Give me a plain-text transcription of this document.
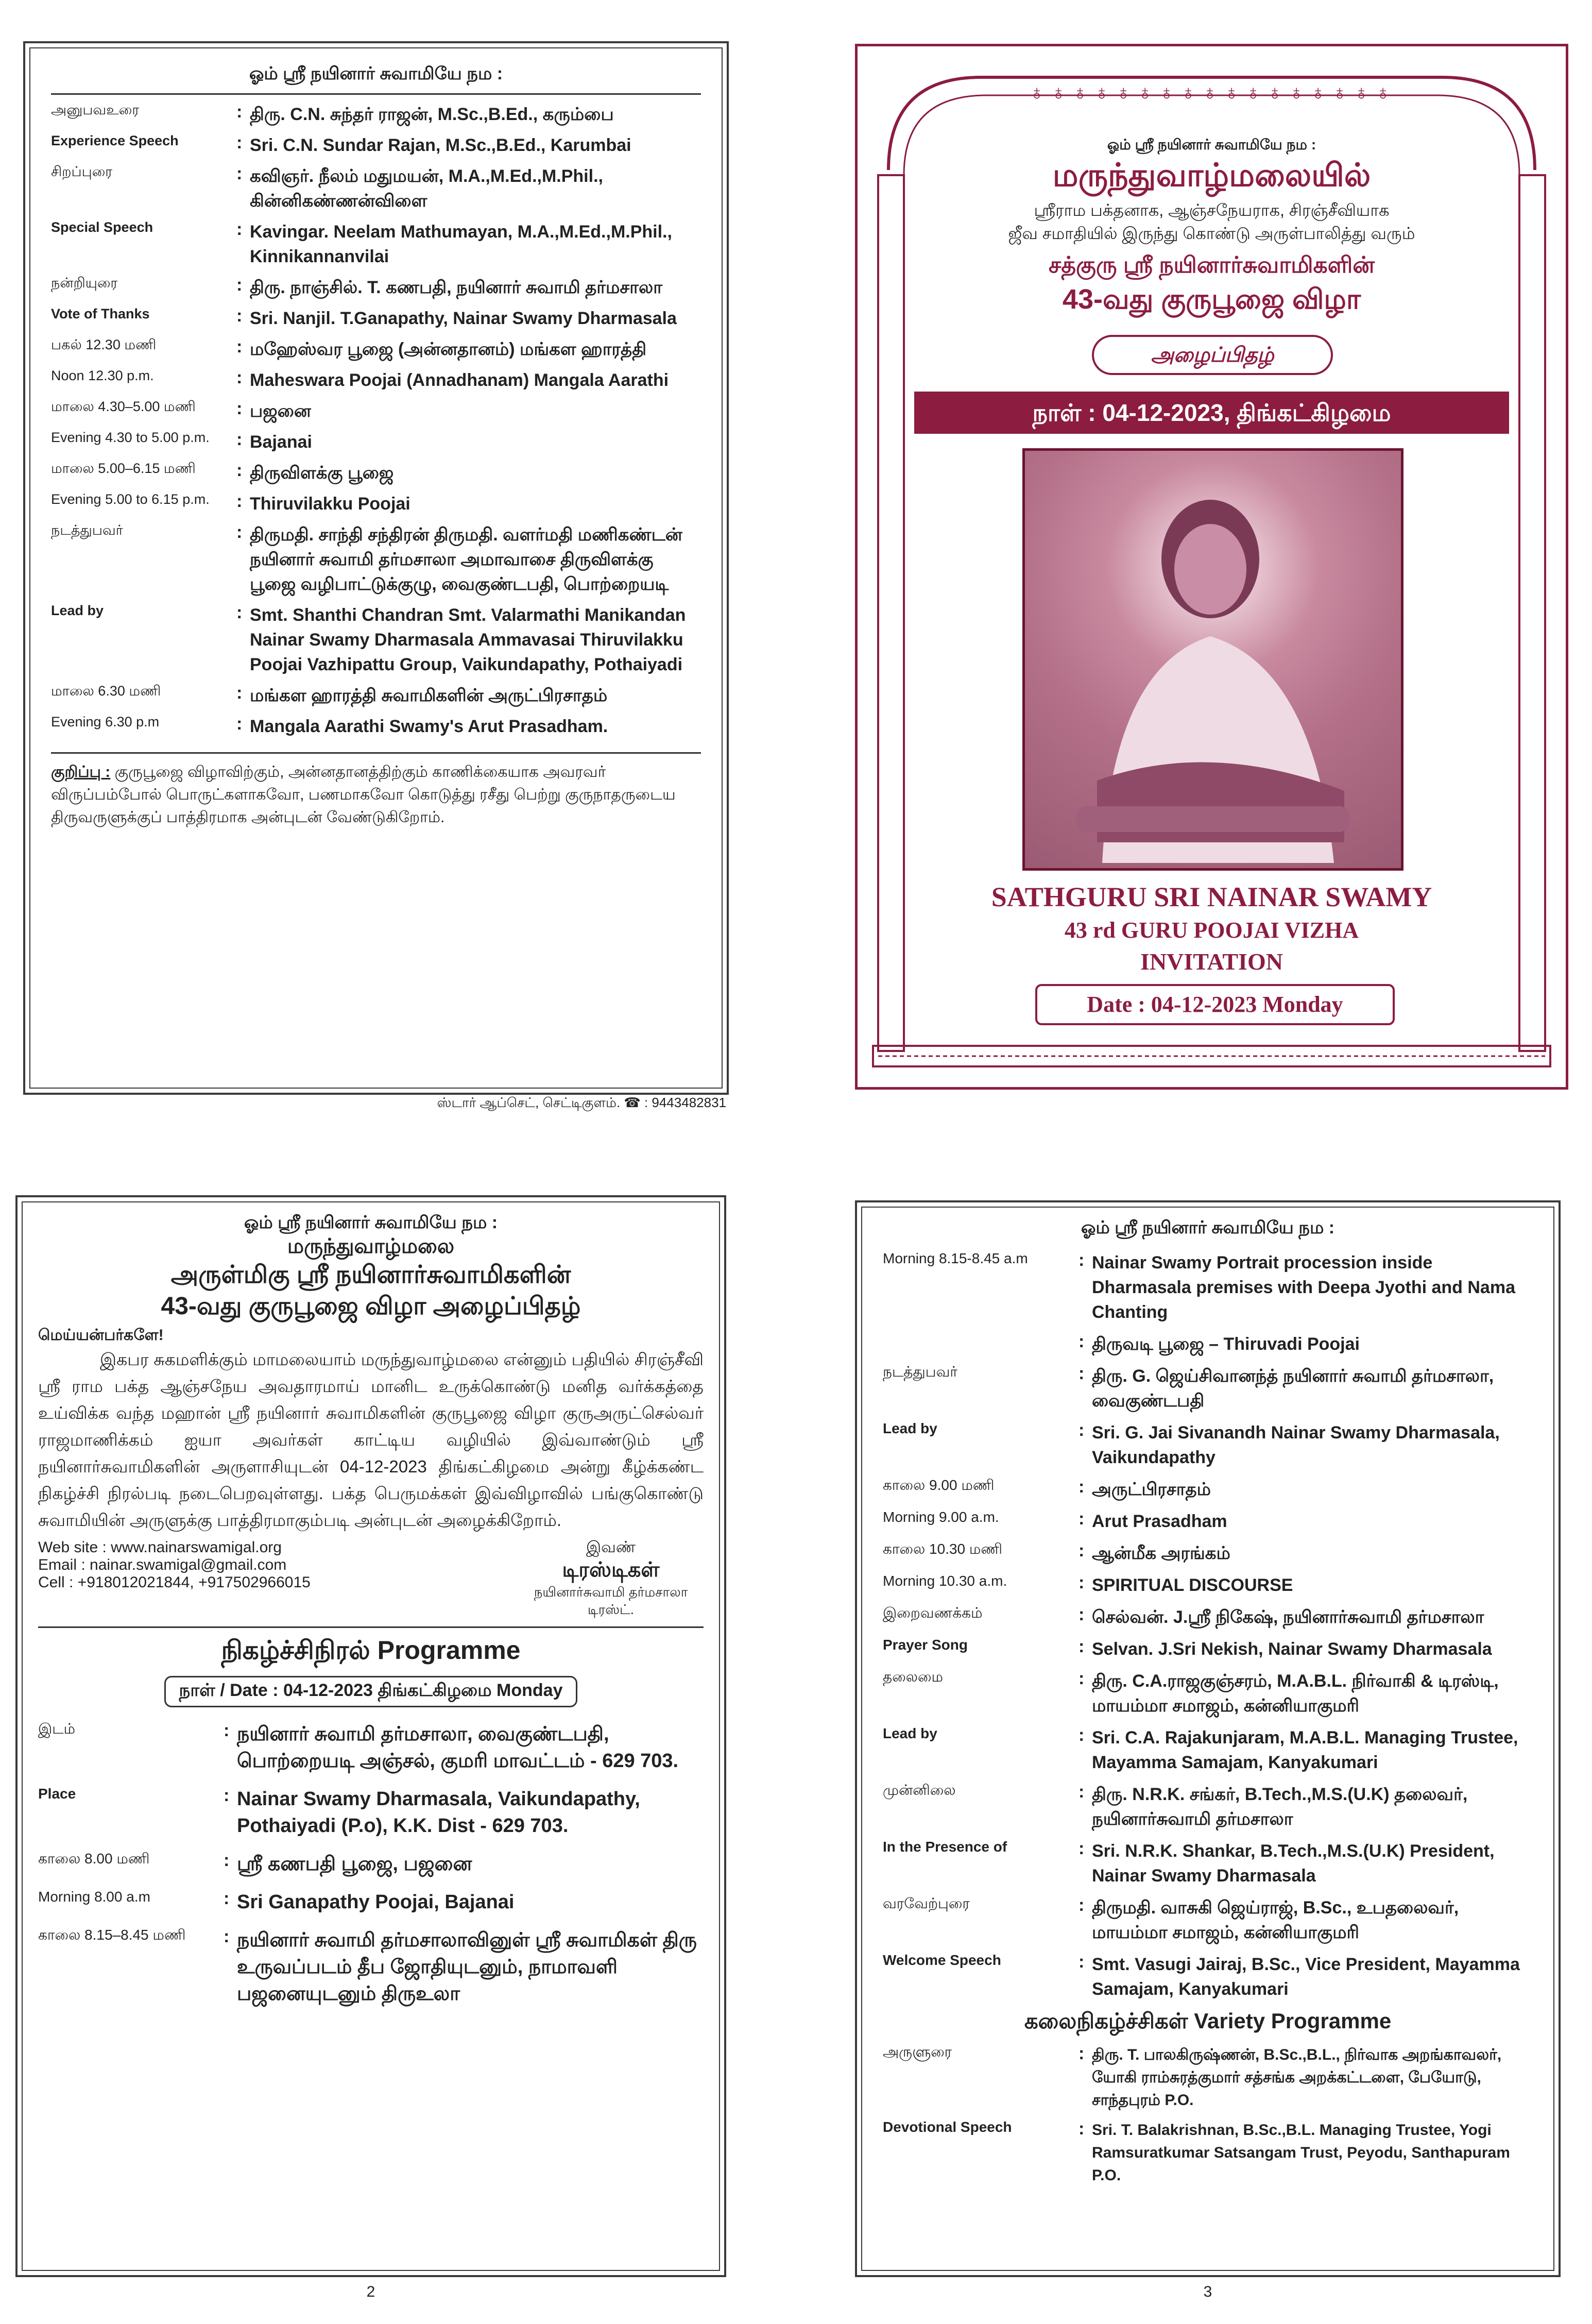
ஓம் ஸ்ரீ நயினார் சுவாமியே நம :
அனுபவஉரை	: திரு. C.N. சுந்தர் ராஜன், M.Sc.,B.Ed., கரும்பை
Experience Speech	: Sri. C.N. Sundar Rajan, M.Sc.,B.Ed., Karumbai
சிறப்புரை	: கவிஞர். நீலம் மதுமயன், M.A.,M.Ed.,M.Phil., கின்னிகண்ணன்விளை
Special Speech	: Kavingar. Neelam Mathumayan, M.A.,M.Ed.,M.Phil., Kinnikannanvilai
நன்றியுரை	: திரு. நாஞ்சில். T. கணபதி, நயினார் சுவாமி தர்மசாலா
Vote of Thanks	: Sri. Nanjil. T.Ganapathy, Nainar Swamy Dharmasala
பகல் 12.30 மணி	: மஹேஸ்வர பூஜை (அன்னதானம்) மங்கள ஹாரத்தி
Noon 12.30 p.m.	: Maheswara Poojai (Annadhanam) Mangala Aarathi
மாலை 4.30–5.00 மணி	: பஜனை
Evening 4.30 to 5.00 p.m.	: Bajanai
மாலை 5.00–6.15 மணி	: திருவிளக்கு பூஜை
Evening 5.00 to 6.15 p.m.	: Thiruvilakku Poojai
நடத்துபவர்	: திருமதி. சாந்தி சந்திரன் திருமதி. வளர்மதி மணிகண்டன் நயினார் சுவாமி தர்மசாலா அமாவாசை திருவிளக்கு பூஜை வழிபாட்டுக்குழு, வைகுண்டபதி, பொற்றையடி
Lead by	: Smt. Shanthi Chandran Smt. Valarmathi Manikandan Nainar Swamy Dharmasala Ammavasai Thiruvilakku Poojai Vazhipattu Group, Vaikundapathy, Pothaiyadi
மாலை 6.30 மணி	: மங்கள ஹாரத்தி சுவாமிகளின் அருட்பிரசாதம்
Evening 6.30 p.m	: Mangala Aarathi Swamy's Arut Prasadham.
குறிப்பு : குருபூஜை விழாவிற்கும், அன்னதானத்திற்கும் காணிக்கையாக அவரவர் விருப்பம்போல் பொருட்களாகவோ, பணமாகவோ கொடுத்து ரசீது பெற்று குருநாதருடைய திருவருளுக்குப் பாத்திரமாக அன்புடன் வேண்டுகிறோம்.
ஸ்டார் ஆப்செட், செட்டிகுளம். ☎ : 9443482831
♁♁♁♁♁♁♁♁♁♁♁♁♁♁♁♁♁
ஓம் ஸ்ரீ நயினார் சுவாமியே நம :
மருந்துவாழ்மலையில்
ஸ்ரீராம பக்தனாக, ஆஞ்சநேயராக, சிரஞ்சீவியாக
ஜீவ சமாதியில் இருந்து கொண்டு அருள்பாலித்து வரும்
சத்குரு ஸ்ரீ நயினார்சுவாமிகளின்
43-வது குருபூஜை விழா
அழைப்பிதழ்
நாள் : 04-12-2023, திங்கட்கிழமை
SATHGURU SRI NAINAR SWAMY
43 rd GURU POOJAI VIZHA
INVITATION
Date : 04-12-2023 Monday
ஓம் ஸ்ரீ நயினார் சுவாமியே நம :
மருந்துவாழ்மலை
அருள்மிகு ஸ்ரீ நயினார்சுவாமிகளின்
43-வது குருபூஜை விழா அழைப்பிதழ்
மெய்யன்பர்களே!
இகபர சுகமளிக்கும் மாமலையாம் மருந்துவாழ்மலை என்னும் பதியில் சிரஞ்சீவி ஸ்ரீ ராம பக்த ஆஞ்சநேய அவதாரமாய் மானிட உருக்கொண்டு மனித வர்க்கத்தை உய்விக்க வந்த மஹான் ஸ்ரீ நயினார் சுவாமிகளின் குருபூஜை விழா குருஅருட்செல்வர் ராஜமாணிக்கம் ஐயா அவர்கள் காட்டிய வழியில் இவ்வாண்டும் ஸ்ரீ நயினார்சுவாமிகளின் அருளாசியுடன் 04-12-2023 திங்கட்கிழமை அன்று கீழ்க்கண்ட நிகழ்ச்சி நிரல்படி நடைபெறவுள்ளது. பக்த பெருமக்கள் இவ்விழாவில் பங்குகொண்டு சுவாமியின் அருளுக்கு பாத்திரமாகும்படி அன்புடன் அழைக்கிறோம்.
Web site : www.nainarswamigal.org
Email : nainar.swamigal@gmail.com
Cell : +918012021844, +917502966015
இவண்
டிரஸ்டிகள்
நயினார்சுவாமி தர்மசாலா டிரஸ்ட்.
நிகழ்ச்சிநிரல் Programme
நாள் / Date : 04-12-2023 திங்கட்கிழமை Monday
இடம்	: நயினார் சுவாமி தர்மசாலா, வைகுண்டபதி, பொற்றையடி அஞ்சல், குமரி மாவட்டம் - 629 703.
Place	: Nainar Swamy Dharmasala, Vaikundapathy, Pothaiyadi (P.o), K.K. Dist - 629 703.
காலை 8.00 மணி	: ஸ்ரீ கணபதி பூஜை, பஜனை
Morning 8.00 a.m	: Sri Ganapathy Poojai, Bajanai
காலை 8.15–8.45 மணி	: நயினார் சுவாமி தர்மசாலாவினுள் ஸ்ரீ சுவாமிகள் திரு உருவப்படம் தீப ஜோதியுடனும், நாமாவளி பஜனையுடனும் திருஉலா
2
ஓம் ஸ்ரீ நயினார் சுவாமியே நம :
Morning 8.15-8.45 a.m	: Nainar Swamy Portrait procession inside Dharmasala premises with Deepa Jyothi and Nama Chanting
: திருவடி பூஜை – Thiruvadi Poojai
நடத்துபவர்	: திரு. G. ஜெய்சிவானந்த் நயினார் சுவாமி தர்மசாலா, வைகுண்டபதி
Lead by	: Sri. G. Jai Sivanandh Nainar Swamy Dharmasala, Vaikundapathy
காலை 9.00 மணி	: அருட்பிரசாதம்
Morning 9.00 a.m.	: Arut Prasadham
காலை 10.30 மணி	: ஆன்மீக அரங்கம்
Morning 10.30 a.m.	: SPIRITUAL DISCOURSE
இறைவணக்கம்	: செல்வன். J.ஸ்ரீ நிகேஷ், நயினார்சுவாமி தர்மசாலா
Prayer Song	: Selvan. J.Sri Nekish, Nainar Swamy Dharmasala
தலைமை	: திரு. C.A.ராஜகுஞ்சரம், M.A.B.L. நிர்வாகி & டிரஸ்டி, மாயம்மா சமாஜம், கன்னியாகுமரி
Lead by	: Sri. C.A. Rajakunjaram, M.A.B.L. Managing Trustee, Mayamma Samajam, Kanyakumari
முன்னிலை	: திரு. N.R.K. சங்கர், B.Tech.,M.S.(U.K) தலைவர், நயினார்சுவாமி தர்மசாலா
In the Presence of	: Sri. N.R.K. Shankar, B.Tech.,M.S.(U.K) President, Nainar Swamy Dharmasala
வரவேற்புரை	: திருமதி. வாசுகி ஜெய்ராஜ், B.Sc., உபதலைவர், மாயம்மா சமாஜம், கன்னியாகுமரி
Welcome Speech	: Smt. Vasugi Jairaj, B.Sc., Vice President, Mayamma Samajam, Kanyakumari
கலைநிகழ்ச்சிகள் Variety Programme
அருளுரை	: திரு. T. பாலகிருஷ்ணன், B.Sc.,B.L., நிர்வாக அறங்காவலர், யோகி ராம்சுரத்குமார் சத்சங்க அறக்கட்டளை, பேயோடு, சாந்தபுரம் P.O.
Devotional Speech	: Sri. T. Balakrishnan, B.Sc.,B.L. Managing Trustee, Yogi Ramsuratkumar Satsangam Trust, Peyodu, Santhapuram P.O.
3
